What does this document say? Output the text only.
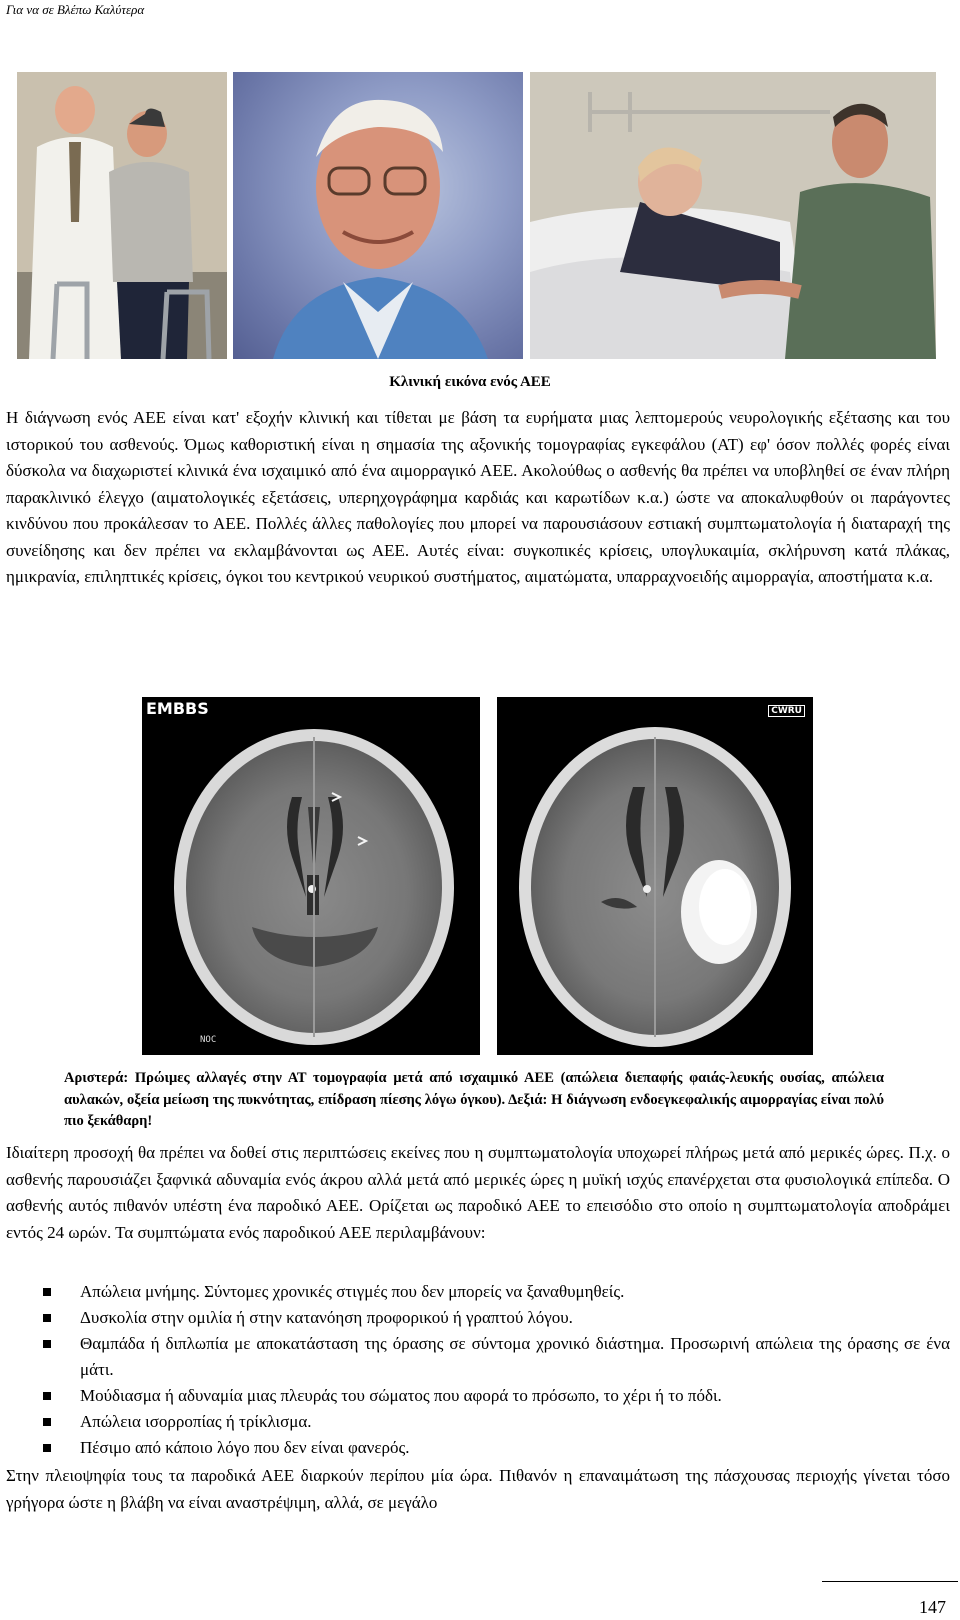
Για να σε Βλέπω Καλύτερα
Κλινική εικόνα ενός ΑΕΕ
Η διάγνωση ενός ΑΕΕ είναι κατ' εξοχήν κλινική και τίθεται με βάση τα ευρήματα μιας λεπτομερούς νευρολογικής εξέτασης και του ιστορικού του ασθενούς. Όμως καθοριστική είναι η σημασία της αξονικής τομογραφίας εγκεφάλου (ΑΤ) εφ' όσον πολλές φορές είναι δύσκολα να διαχωριστεί κλινικά ένα ισχαιμικό από ένα αιμορραγικό ΑΕΕ. Ακολούθως ο ασθενής θα πρέπει να υποβληθεί σε έναν πλήρη παρακλινικό έλεγχο (αιματολογικές εξετάσεις, υπερηχογράφημα καρδιάς και καρωτίδων κ.α.) ώστε να αποκαλυφθούν οι παράγοντες κινδύνου που προκάλεσαν το ΑΕΕ. Πολλές άλλες παθολογίες που μπορεί να παρουσιάσουν εστιακή συμπτωματολογία ή διαταραχή της συνείδησης και δεν πρέπει να εκλαμβάνονται ως ΑΕΕ. Αυτές είναι: συγκοπικές κρίσεις, υπογλυκαιμία, σκλήρυνση κατά πλάκας, ημικρανία, επιληπτικές κρίσεις, όγκοι του κεντρικού νευρικού συστήματος, αιματώματα, υπαρραχνοειδής αιμορραγία, αποστήματα κ.α.
EMBBS
NOC
CWRU
Αριστερά: Πρώιμες αλλαγές στην ΑΤ τομογραφία μετά από ισχαιμικό ΑΕΕ (απώλεια διεπαφής φαιάς-λευκής ουσίας, απώλεια αυλακών, οξεία μείωση της πυκνότητας, επίδραση πίεσης λόγω όγκου). Δεξιά: Η διάγνωση ενδοεγκεφαλικής αιμορραγίας είναι πολύ πιο ξεκάθαρη!
Ιδιαίτερη προσοχή θα πρέπει να δοθεί στις περιπτώσεις εκείνες που η συμπτωματολογία υποχωρεί πλήρως μετά από μερικές ώρες. Π.χ. ο ασθενής παρουσιάζει ξαφνικά αδυναμία ενός άκρου αλλά μετά από μερικές ώρες η μυϊκή ισχύς επανέρχεται στα φυσιολογικά επίπεδα. Ο ασθενής αυτός πιθανόν υπέστη ένα παροδικό ΑΕΕ. Ορίζεται ως παροδικό ΑΕΕ το επεισόδιο στο οποίο η συμπτωματολογία αποδράμει εντός 24 ωρών. Τα συμπτώματα ενός παροδικού ΑΕΕ περιλαμβάνουν:
Απώλεια μνήμης. Σύντομες χρονικές στιγμές που δεν μπορείς να ξαναθυμηθείς.
Δυσκολία στην ομιλία ή στην κατανόηση προφορικού ή γραπτού λόγου.
Θαμπάδα ή διπλωπία με αποκατάσταση της όρασης σε σύντομα χρονικό διάστημα. Προσωρινή απώλεια της όρασης σε ένα μάτι.
Μούδιασμα ή αδυναμία μιας πλευράς του σώματος που αφορά το πρόσωπο, το χέρι ή το πόδι.
Απώλεια ισορροπίας ή τρίκλισμα.
Πέσιμο από κάποιο λόγο που δεν είναι φανερός.
Στην πλειοψηφία τους τα παροδικά ΑΕΕ διαρκούν περίπου μία ώρα. Πιθανόν η επαναιμάτωση της πάσχουσας περιοχής γίνεται τόσο γρήγορα ώστε η βλάβη να είναι αναστρέψιμη, αλλά, σε μεγάλο
147
